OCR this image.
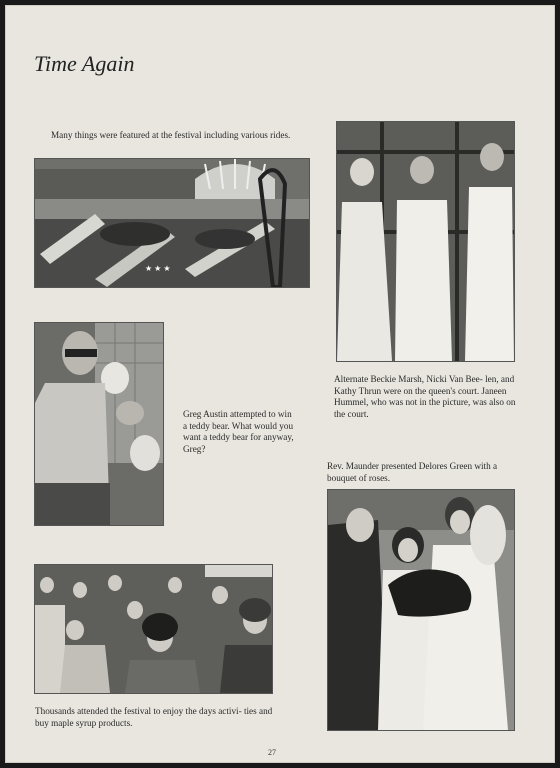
Time Again
Many things were featured at the festival including various rides.
★ ★ ★
Alternate Beckie Marsh, Nicki Van Bee- len, and Kathy Thrun were on the queen's court. Janeen Hummel, who was not in the picture, was also on the court.
Greg Austin attempted to win a teddy bear. What would you want a teddy bear for anyway, Greg?
Rev. Maunder presented Delores Green with a bouquet of roses.
Thousands attended the festival to enjoy the days activi- ties and buy maple syrup products.
27
